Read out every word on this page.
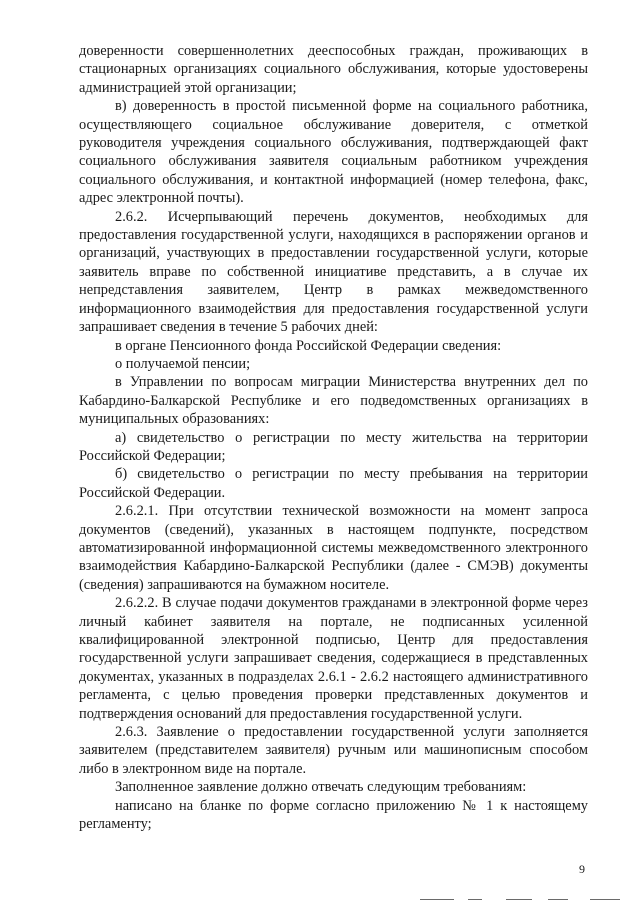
доверенности совершеннолетних дееспособных граждан, проживающих в стационарных организациях социального обслуживания, которые удостоверены администрацией этой организации;

в) доверенность в простой письменной форме на социального работника, осуществляющего социальное обслуживание доверителя, с отметкой руководителя учреждения социального обслуживания, подтверждающей факт социального обслуживания заявителя социальным работником учреждения социального обслуживания, и контактной информацией (номер телефона, факс, адрес электронной почты).

2.6.2. Исчерпывающий перечень документов, необходимых для предоставления государственной услуги, находящихся в распоряжении органов и организаций, участвующих в предоставлении государственной услуги, которые заявитель вправе по собственной инициативе представить, а в случае их непредставления заявителем, Центр в рамках межведомственного информационного взаимодействия для предоставления государственной услуги запрашивает сведения в течение 5 рабочих дней:

в органе Пенсионного фонда Российской Федерации сведения:

о получаемой пенсии;

в Управлении по вопросам миграции Министерства внутренних дел по Кабардино-Балкарской Республике и его подведомственных организациях в муниципальных образованиях:

а) свидетельство о регистрации по месту жительства на территории Российской Федерации;

б) свидетельство о регистрации по месту пребывания на территории Российской Федерации.

2.6.2.1. При отсутствии технической возможности на момент запроса документов (сведений), указанных в настоящем подпункте, посредством автоматизированной информационной системы межведомственного электронного взаимодействия Кабардино-Балкарской Республики (далее - СМЭВ) документы (сведения) запрашиваются на бумажном носителе.

2.6.2.2. В случае подачи документов гражданами в электронной форме через личный кабинет заявителя на портале, не подписанных усиленной квалифицированной электронной подписью, Центр для предоставления государственной услуги запрашивает сведения, содержащиеся в представленных документах, указанных в подразделах 2.6.1 - 2.6.2 настоящего административного регламента, с целью проведения проверки представленных документов и подтверждения оснований для предоставления государственной услуги.

2.6.3. Заявление о предоставлении государственной услуги заполняется заявителем (представителем заявителя) ручным или машинописным способом либо в электронном виде на портале.

Заполненное заявление должно отвечать следующим требованиям:

написано на бланке по форме согласно приложению № 1 к настоящему регламенту;

9
